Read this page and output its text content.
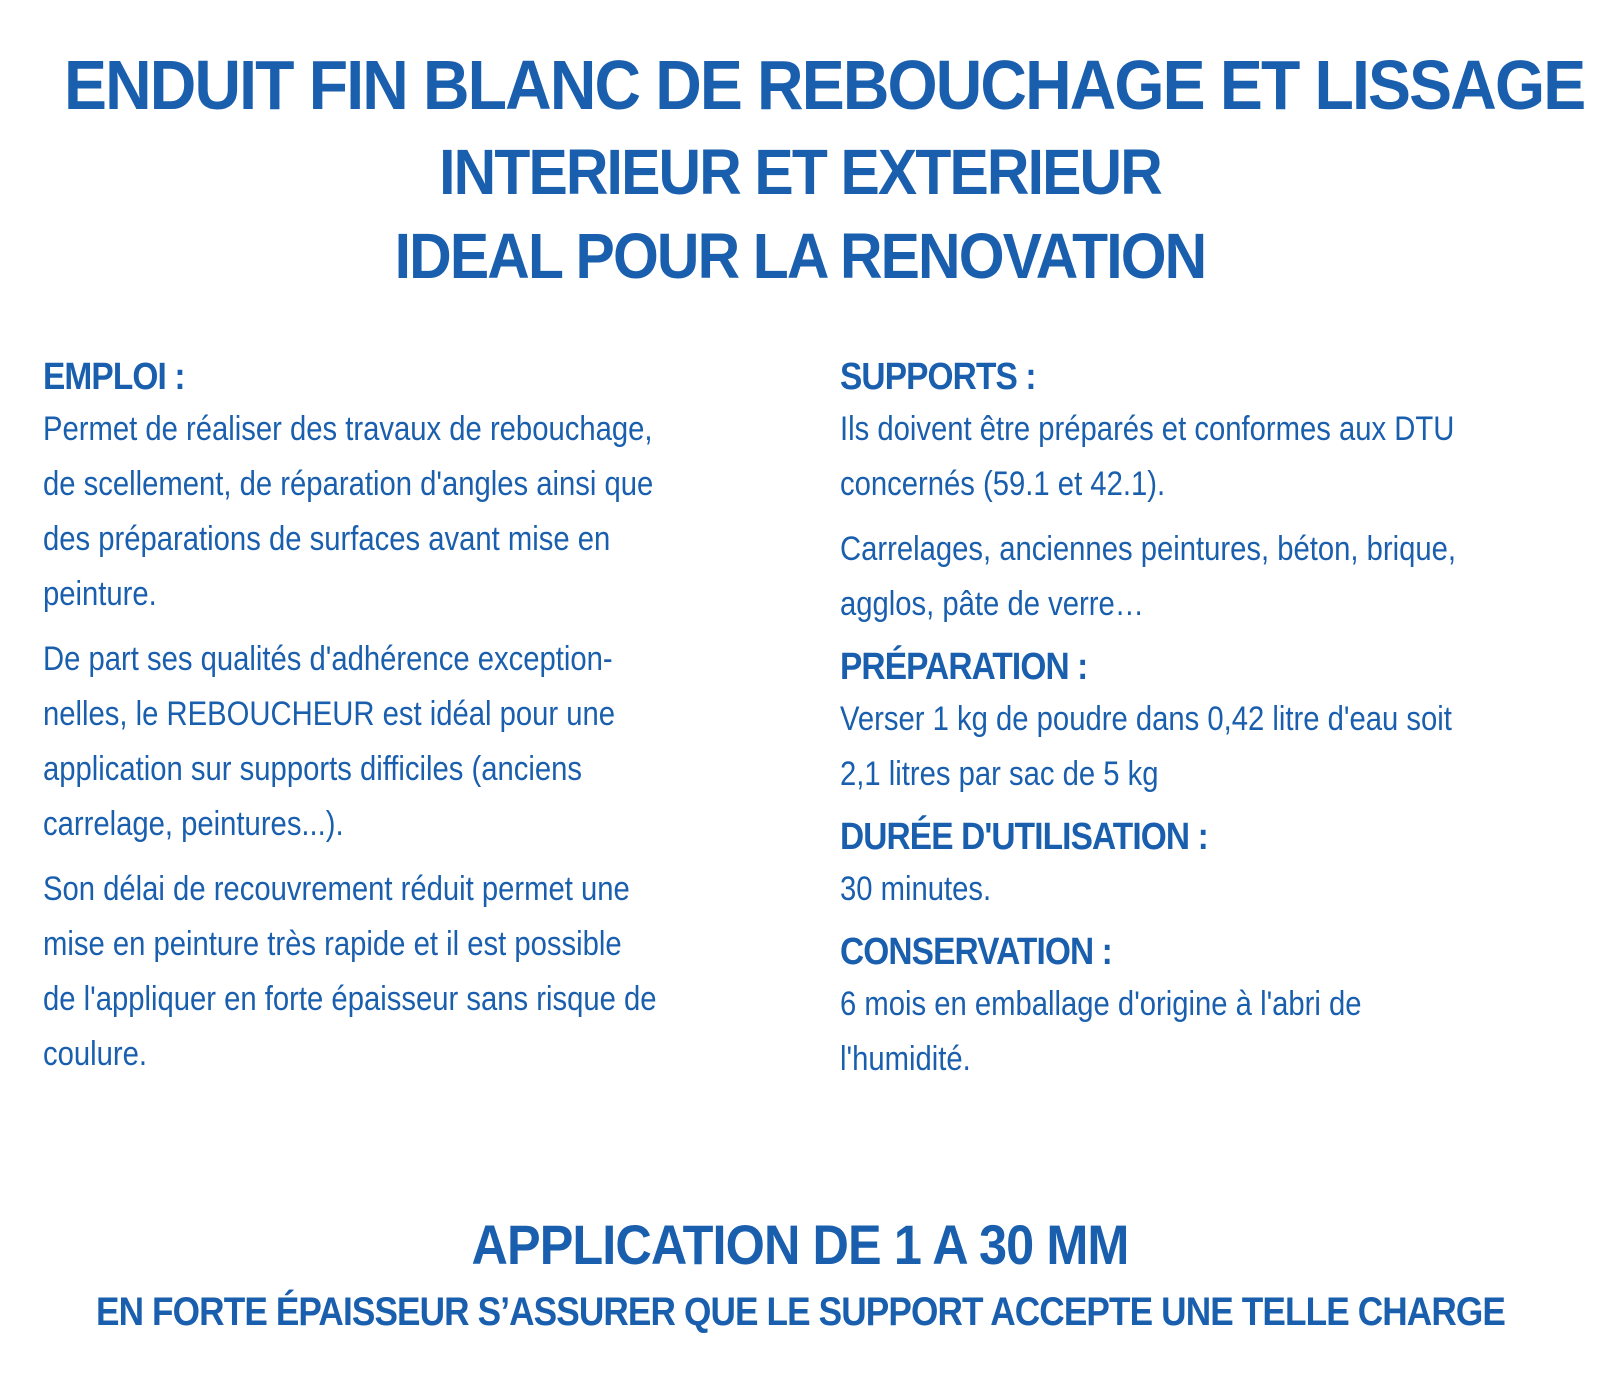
ENDUIT FIN BLANC DE REBOUCHAGE ET LISSAGE
INTERIEUR ET EXTERIEUR
IDEAL POUR LA RENOVATION
EMPLOI :
Permet de réaliser des travaux de rebouchage,
de scellement, de réparation d'angles ainsi que
des préparations de surfaces avant mise en
peinture.
De part ses qualités d'adhérence exception-
nelles, le REBOUCHEUR est idéal pour une
application sur supports difficiles (anciens
carrelage, peintures...).
Son délai de recouvrement réduit permet une
mise en peinture très rapide et il est possible
de l'appliquer en forte épaisseur sans risque de
coulure.
SUPPORTS :
Ils doivent être préparés et conformes aux DTU
concernés (59.1 et 42.1).
Carrelages, anciennes peintures, béton, brique,
agglos, pâte de verre…
PRÉPARATION :
Verser 1 kg de poudre dans 0,42 litre d'eau soit
2,1 litres par sac de 5 kg
DURÉE D'UTILISATION :
30 minutes.
CONSERVATION :
6 mois en emballage d'origine à l'abri de
l'humidité.
APPLICATION DE 1 A 30 MM
EN FORTE ÉPAISSEUR S’ASSURER QUE LE SUPPORT ACCEPTE UNE TELLE CHARGE
